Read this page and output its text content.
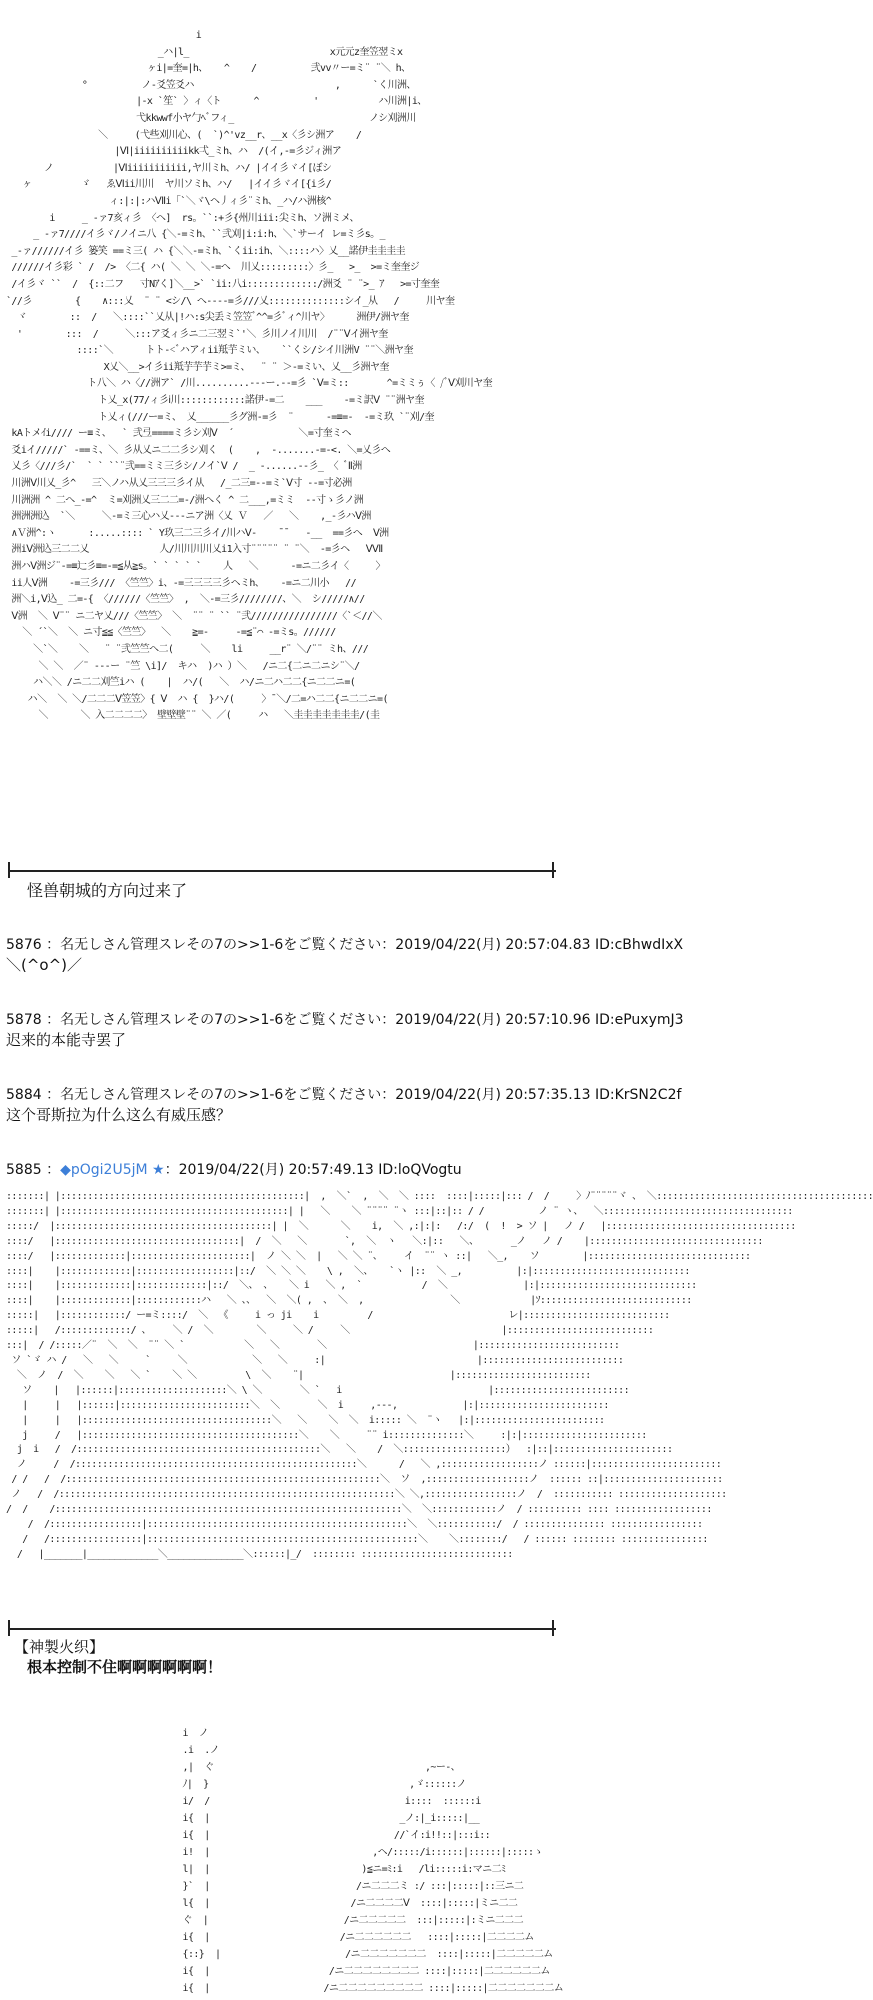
i
_ハ|l_                          x元元z奎笠翌ミx
ヶi|=奎=|h、   ^    /          弐vv〃ー=ミ¨ ¨＼ h、
°          ノ-爻笠爻ハ                          ,      `く川洲、
|-x `笙` 〉ィ〈ト      ^          '           ハ川洲|i、
弋kkwwf小ヤ勹ﾍﾞフィ_                         ノシ刈洲川
＼     (弋些刈川心、(  `)^'vz__r、__x〈彡シ洲ア    /
|Ⅵ|iiiiiiiiiikk弌_ミh、ハ  /(イ,-=彡ジィ洲ア
ノ           |Ⅵiiiiiiiiiii,ヤ川ミh、ハ/ |イイ彡ヾイ[ぼシ
ヶ         ゞ   ゑⅥii川川  ヤ川ソミh、ハ/   |イイ彡ヾイ[{i彡/
ィ:|:|:ハⅦi「`＼ヾ\ヘ丿ィ彡¨ミh、_ハ/ハ洲核^
i     _ -ァ7亥ィ彡 〈ヘ]  rs。``:+彡{州川iii:尖ミh、ソ洲ミメ、
_ -ァ7////イ彡ヾ/ノイニ八 {＼-=ミh、``弐刈|i:i:h、＼`サーイ レ=ミ彡s。_
_-ァ//////イ彡 篓笑 ==ミ三( ハ {＼＼-=ミh、`くii:ih、＼::::ハ〉乂__諾伊圭圭圭圭
//////イ彡彩 ` /  /> 〈二{ ハ( ＼ ＼ ＼-=へ  川乂:::::::::〉彡_   >_  >=ミ奎奎ジ
/イ彡ヾ ``  /  {::二フ   寸Nｱく]＼__>` `ii:八i:::::::::::::/洲爻 ¨ ¨>_ ｱ   >=寸奎奎
`//彡        {    ∧:::乂  ¨ ¨ <シ/\ へ----=彡///乂::::::::::::::シイ_从   /     川ヤ奎
ヾ        ::  /   ＼::::``乂从|!ハ:s尖丢ミ笠笠ﾞ^^=彡ﾞィ^川ヤ〉     洲伊/洲ヤ奎
'        :::  /     ＼:::ア爻ィ彡ニ二三翌ミ`'＼ 彡川ノイ川川  /¨¨Ⅴイ洲ヤ奎
::::`＼      トト-<ﾞハアィii羝芋ミい、   ``くシ/シイ川洲V ¨¨＼洲ヤ奎
X乂＼__>イ彡ii羝芋芋芋ミ>=ミ、  ¨ ¨ ＞-=ミい、乂__彡洲ヤ奎
ト八＼ ハ〈//洲ア` /川..........---ー.--=彡 `Ⅴ=ミ::       ^=ミミぅ〈 /ﾞⅤ刈川ヤ奎
ト乂_x(77/ィ彡ⅰ川::::::::::::諾伊-=二    ___    -=ミ訳Ⅴ ¨¨洲ヤ奎
ト乂ィ(///ー=ミ、 乂______彡グ洲-=彡  ¨      -=≡=-  -=ミ玖 `¨刈/奎
kAトメｲi//// ー≡ミ、  ` 弐弖====ミ彡シ刈Ⅴ  ´            ＼=寸奎ミヘ
爻iイ/////` -==ミ、＼ 彡从乂ニ二二彡シ刈く  (    ,  -.......-=-<. ＼=乂彡へ
乂彡〈///彡/`  ` ` ``¨弐==ミミ三彡シ/ノイ`Ⅴ /  _ -......--彡_ 〈 ﾞⅡ洲
川洲Ⅴ川乂_彡^   三＼ノハ从乂三三三彡イ从   /_二三=--=ミ`Ⅴ寸 --=寸必洲
川洲洲 ^ 二へ_-=^  ミ=刈洲乂三二二=-/洲へく ^ 二___,=ミミ  --寸ゝ彡ノ洲
洲洲洲込  `＼     ＼-=ミ三心ハ乂---ニア洲〈乂 Ｖ   ／   ＼    ,_-彡ハⅤ洲
∧Ｖ洲^:ヽ      :.....:::: ` Y玖三二三彡イ/川ハⅤ-    ¯¯   -__  ==彡へ  Ⅴ洲
洲iⅤ洲込三二二乂             人/川川川川乂i1入寸¨¨¨¨¨ ¨ ¨＼  -=彡ヘ   ⅤⅦ
洲ハⅤ洲ジ¨-=≡辷彡≡=-=≦从≧s。` ` ` ` `    人   ＼      -=ニ二彡イ〈     〉
ii人Ⅴ洲    -=三彡/// 〈竺竺〉i、-=三三三三彡ヘミh、   -=ニ二川小   //
洲＼i,Ⅴ込_ 二=-{ 〈//////〈竺竺〉 ,  ＼-=三彡////////、＼  シ/////∧//
Ⅴ洲  ＼ Ⅴ¨¨ ニ二ヤ乂///〈竺竺〉 ＼  ¨¨ ¨ `` ¨弐////////////////〈`＜//＼
＼ ´`＼  ＼ ニ寸≦≦〈竺竺〉  ＼    ≧=-     -=≦¨⌒ -=ミs。//////
＼`＼    ＼   ¨ ¨弐竺竺へ二(     ＼    li     __r¨ ＼/¨¨ ミh、///
＼ ＼  ／¨ ---ー ¨竺 \i]/  キハ  )ハ ）＼   /ニ二{二ニ二ニシ¨＼/
ハ＼＼ /ニ二二刈竺iハ (    |  ハ/(   ＼  ハ/ニ二ハ二二{ニ二二ニ=(
ハ＼  ＼ ＼/二二二Ⅴ笠笠〉{ Ⅴ  ハ {  }ハ/(     〉¯＼/二=ハ二二{ニ二二ニ=(
＼      ＼ 入二二二二〉 壁壁壁¨¨ ＼ ／(     ハ   ＼圭圭圭圭圭圭圭/(圭
怪兽朝城的方向过来了
5876 ：名无しさん管理スレその7の>>1-6をご覧ください：2019/04/22(月) 20:57:04.83 ID:cBhwdIxX
＼(^o^)／
5878 ：名无しさん管理スレその7の>>1-6をご覧ください：2019/04/22(月) 20:57:10.96 ID:ePuxymJ3
迟来的本能寺罢了
5884 ：名无しさん管理スレその7の>>1-6をご覧ください：2019/04/22(月) 20:57:35.13 ID:KrSN2C2f
这个哥斯拉为什么这么有威压感？
5885 ：◆pOgi2U5jM ★：2019/04/22(月) 20:57:49.13 ID:loQVogtu
:::::::| |:::::::::::::::::::::::::::::::::::::::::::::|  ,  ＼`  ,  ＼  ＼ ::::  ::::|:::::|::: /  /     〉ﾉ¨¨¨¨¨ヾ 、 ＼::::::::::::::::::::::::::::::::::::::::
:::::::| |::::::::::::::::::::::::::::::::::::::::::| |   ＼    ＼ ¨¨¨¨ ¨ヽ :::|::|:: / /          ノ ¨ ヽ、  ＼:::::::::::::::::::::::::::::::::::
:::::/  |::::::::::::::::::::::::::::::::::::::::| |  ＼      ＼    i,  ＼ ,:|:|:   /:/  (  !  > ソ |   ノ /   |:::::::::::::::::::::::::::::::::::
::::/   |::::::::::::::::::::::::::::::::::|  /  ＼   ＼       `,  ＼  ヽ   ＼:|::   ＼、      _ノ   ノ /    |::::::::::::::::::::::::::::::::
::::/   |:::::::::::::|::::::::::::::::::::::|  ノ ＼ ＼  |   ＼ ＼ ¨、    イ  ¨¨ ヽ ::|   ＼_,    ソ        |::::::::::::::::::::::::::::::
::::|    |:::::::::::::|::::::::::::::::::|::/  ＼ ＼ ＼    \ ,  ＼、   `ヽ |::  ＼ _,          |:|:::::::::::::::::::::::::::::
::::|    |:::::::::::::|:::::::::::::|::/  ＼、 、   ＼ i   ＼ ,  `           /  ＼              |:|:::::::::::::::::::::::::::::
::::|    |:::::::::::::|::::::::::::ハ   ＼ 、、  ＼  ＼( ,  、 ＼  ,                ＼             |ｿ::::::::::::::::::::::::::::
:::::|   |::::::::::::/ ー=ミ::::/  ＼  《     i っ ji    i         /                         レ|:::::::::::::::::::::::::::
:::::|   /:::::::::::::/ 、    ＼ /  ＼        ＼     ＼ /     ＼                            |:::::::::::::::::::::::::::
:::|  / /:::::／¨  ＼  ＼  ¨¨ ＼ `           ＼   ＼       ＼                           |::::::::::::::::::::::::::
ソ `ゞ ハ /   ＼   ＼     `     ＼            ＼   ＼     :|                            |::::::::::::::::::::::::::
＼  ノ  /  ＼    ＼   ＼ `    ＼ ＼         \  ＼    ¨|                           |:::::::::::::::::::::::::
ソ    |   |::::::|::::::::::::::::::::＼ \ ＼       ＼ `   i                           |:::::::::::::::::::::::::
|     |   |::::::|::::::::::::::::::::::::＼  ＼       ＼  i     ,-‐-,            |:|::::::::::::::::::::::::
|     |   |:::::::::::::::::::::::::::::::::::＼   ＼    ＼  ＼  i::::: ＼  ¨ヽ   |:|::::::::::::::::::::::::
j     /   |::::::::::::::::::::::::::::::::::::::::＼    ＼     ¨¨ i::::::::::::::＼     :|:|:::::::::::::::::::::::
j  i   /  /:::::::::::::::::::::::::::::::::::::::::::::＼   ＼    /  ＼:::::::::::::::::::）  :|::|::::::::::::::::::::::
ノ     /  /::::::::::::::::::::::::::::::::::::::::::::::::::::＼      /   ＼ ,::::::::::::::::::ノ ::::::|::::::::::::::::::::::::
/ /   /  /::::::::::::::::::::::::::::::::::::::::::::::::::::::::::＼  ソ  ,:::::::::::::::::::ノ  :::::: ::|::::::::::::::::::::::
ノ   /  /::::::::::::::::::::::::::::::::::::::::::::::::::::::::::::::＼ ＼,:::::::::::::::::ノ  /  ::::::::::: ::::::::::::::::::::
/  /    /::::::::::::::::::::::::::::::::::::::::::::::::::::::::::::::::＼  ＼::::::::::::ノ  / :::::::::: :::: ::::::::::::::::::
/  /:::::::::::::::::|::::::::::::::::::::::::::::::::::::::::::::::::＼  ＼:::::::::::/  / ::::::::::::::: :::::::::::::::::
/   /:::::::::::::::::|::::::::::::::::::::::::::::::::::::::::::::::::::＼    ＼::::::::/   / :::::: :::::::: ::::::::::::::::
/   |_______|_____________＼______________＼::::::|_/  :::::::: ::::::::::::::::::::::::::::
【神製火织】
根本控制不住啊啊啊啊啊啊！
i  ノ
.i  .ノ
,|  ぐ                                       ,~ー-、
ﾉ|  }                                     ,ゞ::::::ノ
i/  /                                    i::::  ::::::i
i{  |                                   _ノ:|_i:::::|__
i{  |                                  //`イ:i!!::|:::i::
i!  |                              ,ヘ/:::::/i::::::|::::::|:::::ゝ
l|  |                            )≦ニ=ﾐ:i   /li:::::i:マニ二ﾐ
}`  |                           /ニ二二二ミ :/ :::|:::::|::三ニ二
l{  |                          /ニ二二二二Ⅴ  ::::|:::::|ミニ二二
ぐ  |                         /ニ二二二二二  :::|:::::|:ミニ二二二
i{  |                        /ニ二二二二二二   ::::|:::::|二二二二ム
{::}  |                       /ニ二二二二二二二  ::::|:::::|二二二二二ム
i{  |                      /ニ二二二二二二二二 ::::|:::::|二二二二二二ム
i{  |                     /ニ二二二二二二二二二 ::::|:::::|二二二二二二二ム
